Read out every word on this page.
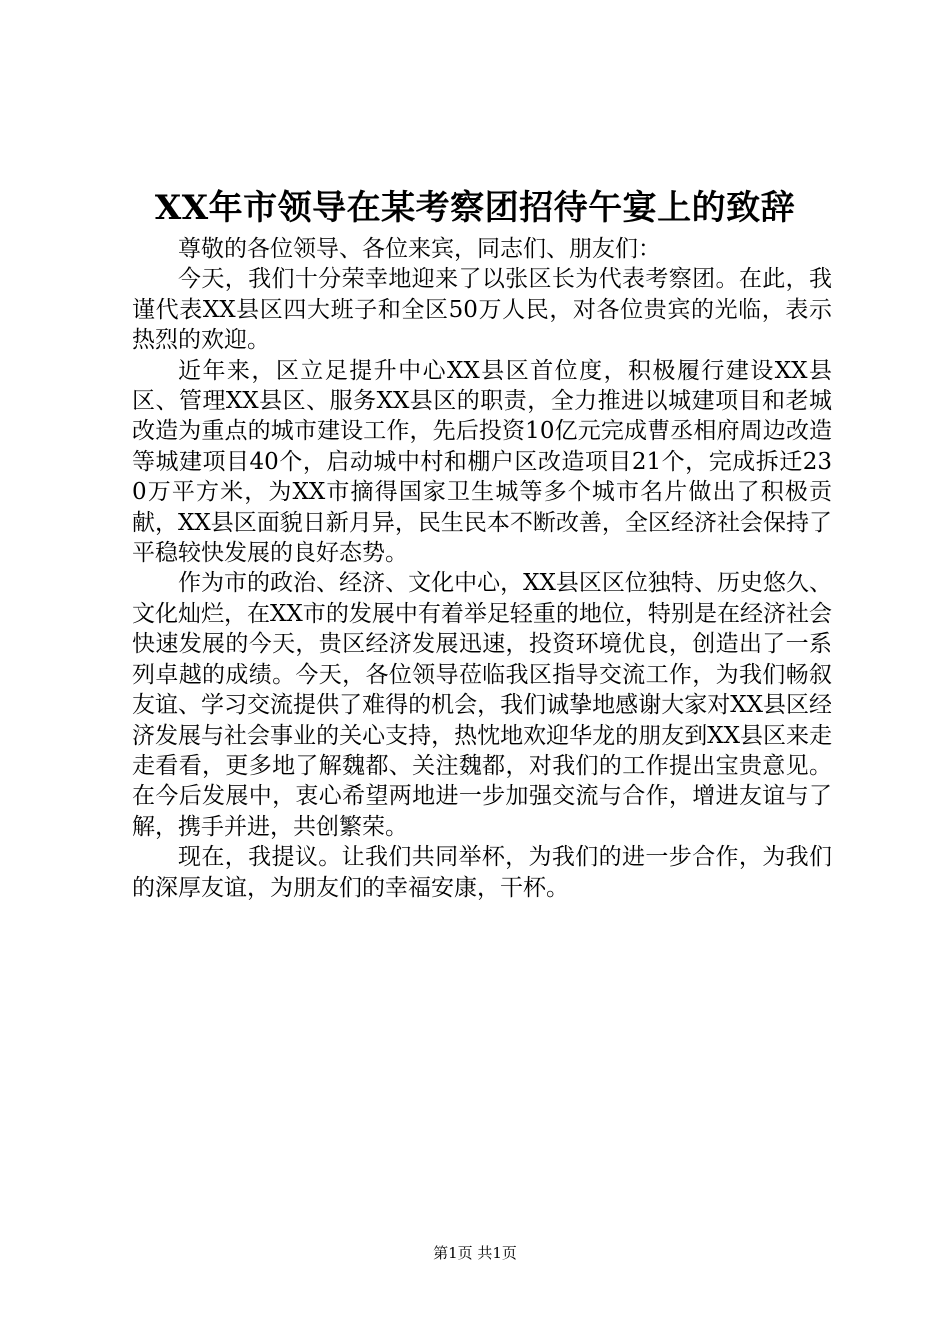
XX年市领导在某考察团招待午宴上的致辞

尊敬的各位领导、各位来宾，同志们、朋友们：

今天，我们十分荣幸地迎来了以张区长为代表考察团。在此，我谨代表XX县区四大班子和全区50万人民，对各位贵宾的光临，表示热烈的欢迎。

近年来，区立足提升中心XX县区首位度，积极履行建设XX县区、管理XX县区、服务XX县区的职责，全力推进以城建项目和老城改造为重点的城市建设工作，先后投资10亿元完成曹丞相府周边改造等城建项目40个，启动城中村和棚户区改造项目21个，完成拆迁230万平方米，为XX市摘得国家卫生城等多个城市名片做出了积极贡献，XX县区面貌日新月异，民生民本不断改善，全区经济社会保持了平稳较快发展的良好态势。

作为市的政治、经济、文化中心，XX县区区位独特、历史悠久、文化灿烂，在XX市的发展中有着举足轻重的地位，特别是在经济社会快速发展的今天，贵区经济发展迅速，投资环境优良，创造出了一系列卓越的成绩。今天，各位领导莅临我区指导交流工作，为我们畅叙友谊、学习交流提供了难得的机会，我们诚挚地感谢大家对XX县区经济发展与社会事业的关心支持，热忱地欢迎华龙的朋友到XX县区来走走看看，更多地了解魏都、关注魏都，对我们的工作提出宝贵意见。在今后发展中，衷心希望两地进一步加强交流与合作，增进友谊与了解，携手并进，共创繁荣。

现在，我提议。让我们共同举杯，为我们的进一步合作，为我们的深厚友谊，为朋友们的幸福安康，干杯。

第1页 共1页
